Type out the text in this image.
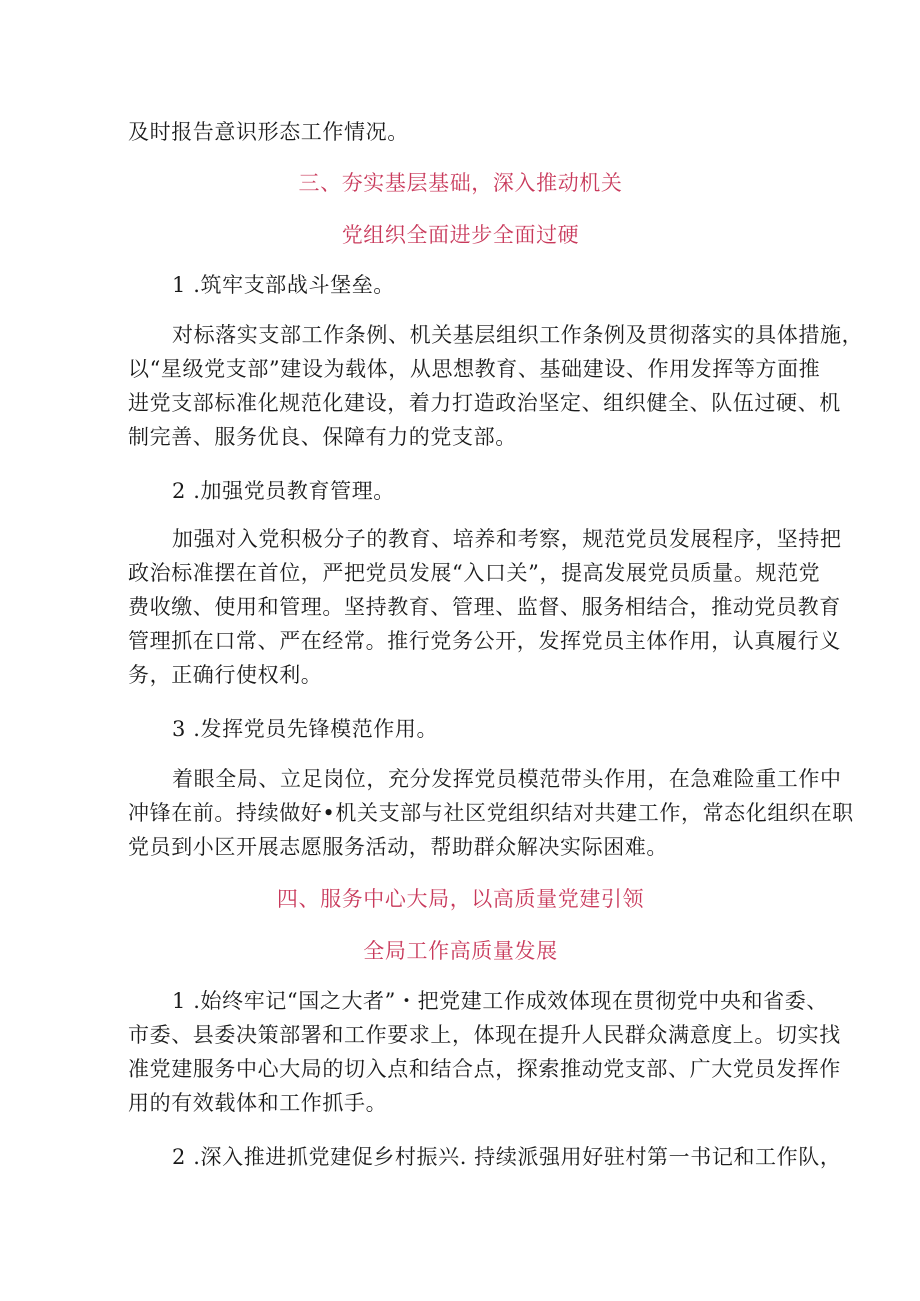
及时报告意识形态工作情况。
三、夯实基层基础，深入推动机关
党组织全面进步全面过硬
1 .筑牢支部战斗堡垒。
对标落实支部工作条例、机关基层组织工作条例及贯彻落实的具体措施，
以“星级党支部”建设为载体，从思想教育、基础建设、作用发挥等方面推
进党支部标准化规范化建设，着力打造政治坚定、组织健全、队伍过硬、机
制完善、服务优良、保障有力的党支部。
2 .加强党员教育管理。
加强对入党积极分子的教育、培养和考察，规范党员发展程序，坚持把
政治标准摆在首位，严把党员发展“入口关”，提高发展党员质量。规范党
费收缴、使用和管理。坚持教育、管理、监督、服务相结合，推动党员教育
管理抓在口常、严在经常。推行党务公开，发挥党员主体作用，认真履行义
务，正确行使权利。
3 .发挥党员先锋模范作用。
着眼全局、立足岗位，充分发挥党员模范带头作用，在急难险重工作中
冲锋在前。持续做好•机关支部与社区党组织结对共建工作，常态化组织在职
党员到小区开展志愿服务活动，帮助群众解决实际困难。
四、服务中心大局，以高质量党建引领
全局工作高质量发展
1 .始终牢记“国之大者”・把党建工作成效体现在贯彻党中央和省委、
市委、县委决策部署和工作要求上，体现在提升人民群众满意度上。切实找
准党建服务中心大局的切入点和结合点，探索推动党支部、广大党员发挥作
用的有效载体和工作抓手。
2 .深入推进抓党建促乡村振兴. 持续派强用好驻村第一书记和工作队，
